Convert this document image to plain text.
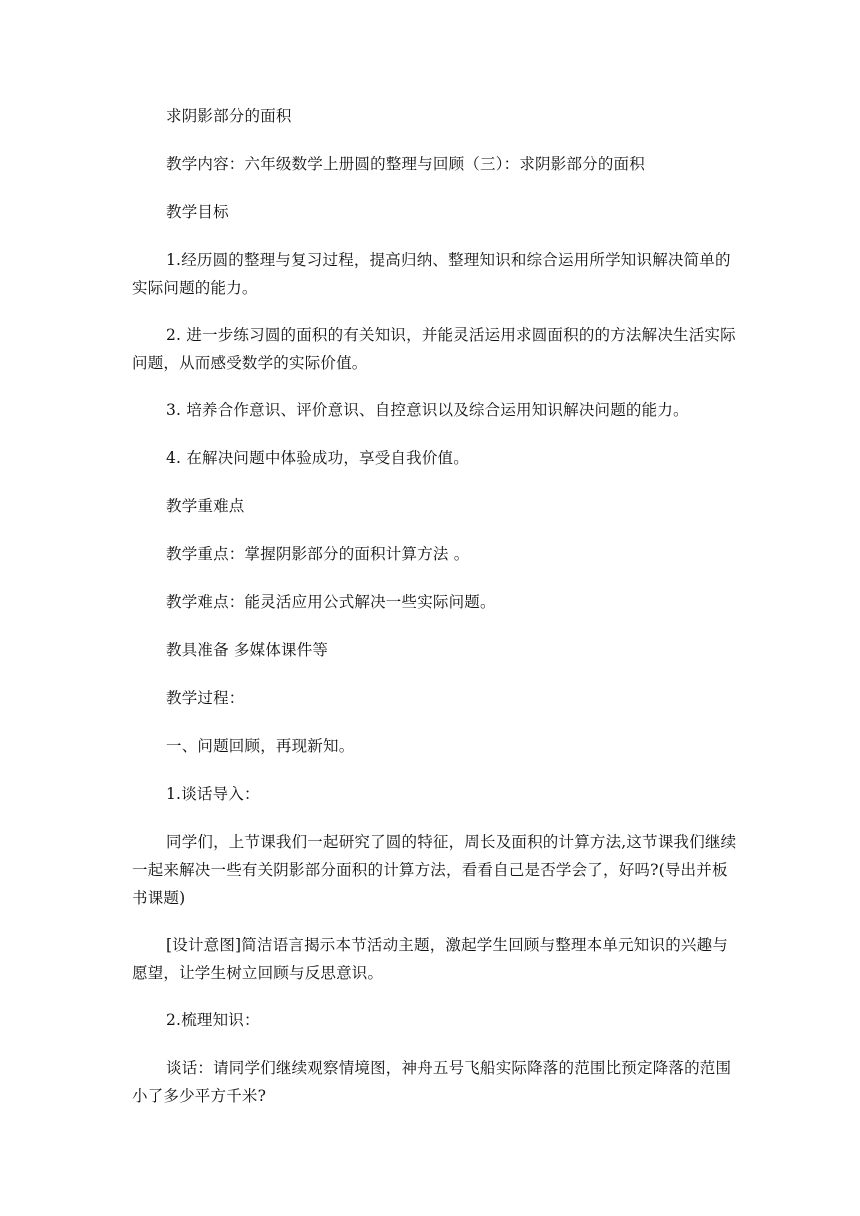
求阴影部分的面积

教学内容：六年级数学上册圆的整理与回顾（三）：求阴影部分的面积

教学目标

1.经历圆的整理与复习过程，提高归纳、整理知识和综合运用所学知识解决简单的实际问题的能力。

2. 进一步练习圆的面积的有关知识，并能灵活运用求圆面积的的方法解决生活实际问题，从而感受数学的实际价值。

3. 培养合作意识、评价意识、自控意识以及综合运用知识解决问题的能力。

4. 在解决问题中体验成功，享受自我价值。

教学重难点

教学重点：掌握阴影部分的面积计算方法 。

教学难点：能灵活应用公式解决一些实际问题。

教具准备 多媒体课件等

教学过程：

一、问题回顾，再现新知。

1.谈话导入：

同学们，上节课我们一起研究了圆的特征，周长及面积的计算方法,这节课我们继续一起来解决一些有关阴影部分面积的计算方法，看看自己是否学会了，好吗?(导出并板书课题)

[设计意图]简洁语言揭示本节活动主题，激起学生回顾与整理本单元知识的兴趣与愿望，让学生树立回顾与反思意识。

2.梳理知识：

谈话：请同学们继续观察情境图，神舟五号飞船实际降落的范围比预定降落的范围小了多少平方千米?
